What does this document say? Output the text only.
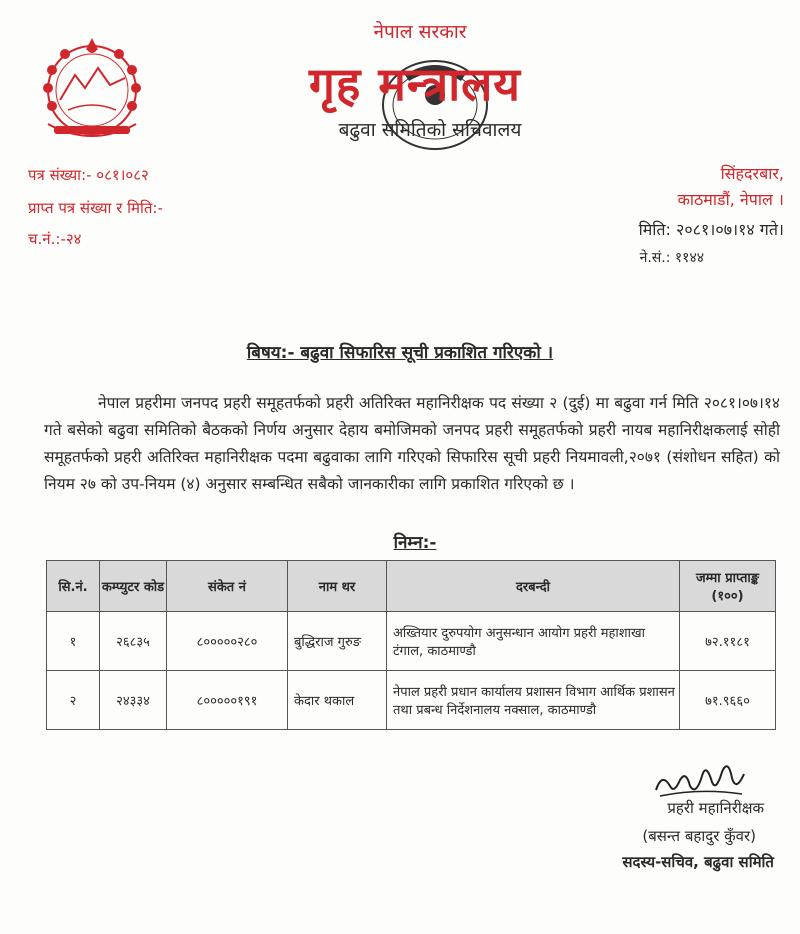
नेपाल सरकार
गृह मन्त्रालय
बढुवा समितिको सचिवालय
पत्र संख्या:- ०८१।०८२
प्राप्त पत्र संख्या र मिति:-
च.नं.:-२४
सिंहदरबार,
काठमाडौं, नेपाल ।
मिति: २०८१।०७।१४ गते।
ने.सं.: ११४४
बिषय:- बढुवा सिफारिस सूची प्रकाशित गरिएको ।
नेपाल प्रहरीमा जनपद प्रहरी समूहतर्फको प्रहरी अतिरिक्त महानिरीक्षक पद संख्या २ (दुई) मा बढुवा गर्न मिति २०८१।०७।१४ गते बसेको बढुवा समितिको बैठकको निर्णय अनुसार देहाय बमोजिमको जनपद प्रहरी समूहतर्फको प्रहरी नायब महानिरीक्षकलाई सोही समूहतर्फको प्रहरी अतिरिक्त महानिरीक्षक पदमा बढुवाका लागि गरिएको सिफारिस सूची प्रहरी नियमावली,२०७१ (संशोधन सहित) को नियम २७ को उप-नियम (४) अनुसार सम्बन्धित सबैको जानकारीका लागि प्रकाशित गरिएको छ ।
निम्न:-
सि.नं.	कम्प्युटर कोड	संकेत नं	नाम थर	दरबन्दी	जम्मा प्राप्ताङ्क (१००)
१	२६८३५	८०००००२८०	बुद्धिराज गुरुङ	अख्तियार दुरुपयोग अनुसन्धान आयोग प्रहरी महाशाखा टंगाल, काठमाण्डौ	७२.११८१
२	२४३३४	८०००००१९१	केदार थकाल	नेपाल प्रहरी प्रधान कार्यालय प्रशासन विभाग आर्थिक प्रशासन तथा प्रबन्ध निर्देशनालय नक्साल, काठमाण्डौ	७१.९६६०
प्रहरी महानिरीक्षक
(बसन्त बहादुर कुँवर)
सदस्य-सचिव, बढुवा समिति
